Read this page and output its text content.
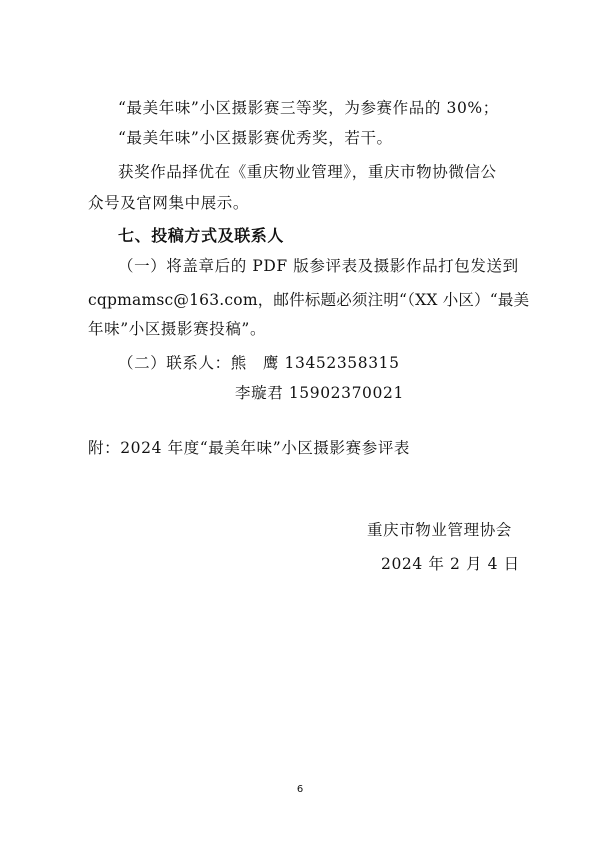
“最美年味”小区摄影赛三等奖，为参赛作品的 30%；
“最美年味”小区摄影赛优秀奖，若干。
获奖作品择优在《重庆物业管理》，重庆市物协微信公
众号及官网集中展示。
七、投稿方式及联系人
（一）将盖章后的 PDF 版参评表及摄影作品打包发送到
cqpmamsc@163.com，邮件标题必须注明“（XX 小区）“最美
年味”小区摄影赛投稿”。
（二）联系人：熊　鹰 13452358315
李璇君 15902370021
附：2024 年度“最美年味”小区摄影赛参评表
重庆市物业管理协会
2024 年 2 月 4 日
6
